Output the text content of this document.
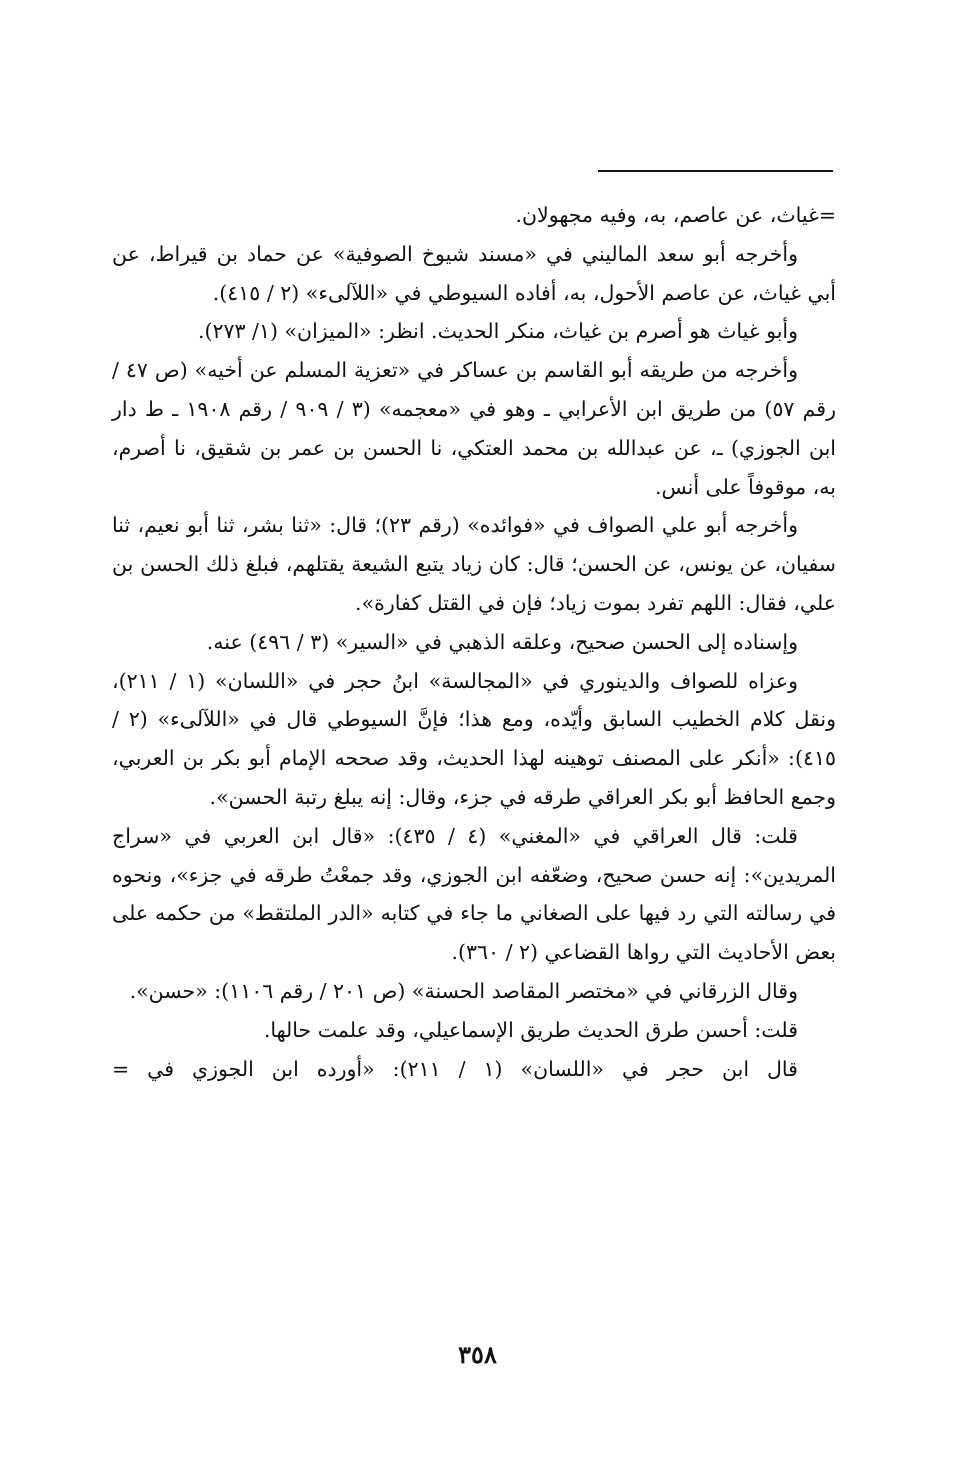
=غياث، عن عاصم، به، وفيه مجهولان.

وأخرجه أبو سعد الماليني في «مسند شيوخ الصوفية» عن حماد بن قيراط، عن أبي غياث، عن عاصم الأحول، به، أفاده السيوطي في «اللآلىء» (٢ / ٤١٥).

وأبو غياث هو أصرم بن غياث، منكر الحديث. انظر: «الميزان» (١/ ٢٧٣).

وأخرجه من طريقه أبو القاسم بن عساكر في «تعزية المسلم عن أخيه» (ص ٤٧ / رقم ٥٧) من طريق ابن الأعرابي ـ وهو في «معجمه» (٣ / ٩٠٩ / رقم ١٩٠٨ ـ ط دار ابن الجوزي) ـ، عن عبدالله بن محمد العتكي، نا الحسن بن عمر بن شقيق، نا أصرم، به، موقوفاً على أنس.

وأخرجه أبو علي الصواف في «فوائده» (رقم ٢٣)؛ قال: «ثنا بشر، ثنا أبو نعيم، ثنا سفيان، عن يونس، عن الحسن؛ قال: كان زياد يتبع الشيعة يقتلهم، فبلغ ذلك الحسن بن علي، فقال: اللهم تفرد بموت زياد؛ فإن في القتل كفارة».

وإسناده إلى الحسن صحيح، وعلقه الذهبي في «السير» (٣ / ٤٩٦) عنه.

وعزاه للصواف والدينوري في «المجالسة» ابنُ حجر في «اللسان» (١ / ٢١١)، ونقل كلام الخطيب السابق وأيّده، ومع هذا؛ فإنَّ السيوطي قال في «اللآلىء» (٢ / ٤١٥): «أنكر على المصنف توهينه لهذا الحديث، وقد صححه الإمام أبو بكر بن العربي، وجمع الحافظ أبو بكر العراقي طرقه في جزء، وقال: إنه يبلغ رتبة الحسن».

قلت: قال العراقي في «المغني» (٤ / ٤٣٥): «قال ابن العربي في «سراج المريدين»: إنه حسن صحيح، وضعّفه ابن الجوزي، وقد جمعْتُ طرقه في جزء»، ونحوه في رسالته التي رد فيها على الصغاني ما جاء في كتابه «الدر الملتقط» من حكمه على بعض الأحاديث التي رواها القضاعي (٢ / ٣٦٠).

وقال الزرقاني في «مختصر المقاصد الحسنة» (ص ٢٠١ / رقم ١١٠٦): «حسن».

قلت: أحسن طرق الحديث طريق الإسماعيلي، وقد علمت حالها.

قال ابن حجر في «اللسان» (١ / ٢١١): «أورده ابن الجوزي في =

٣٥٨
